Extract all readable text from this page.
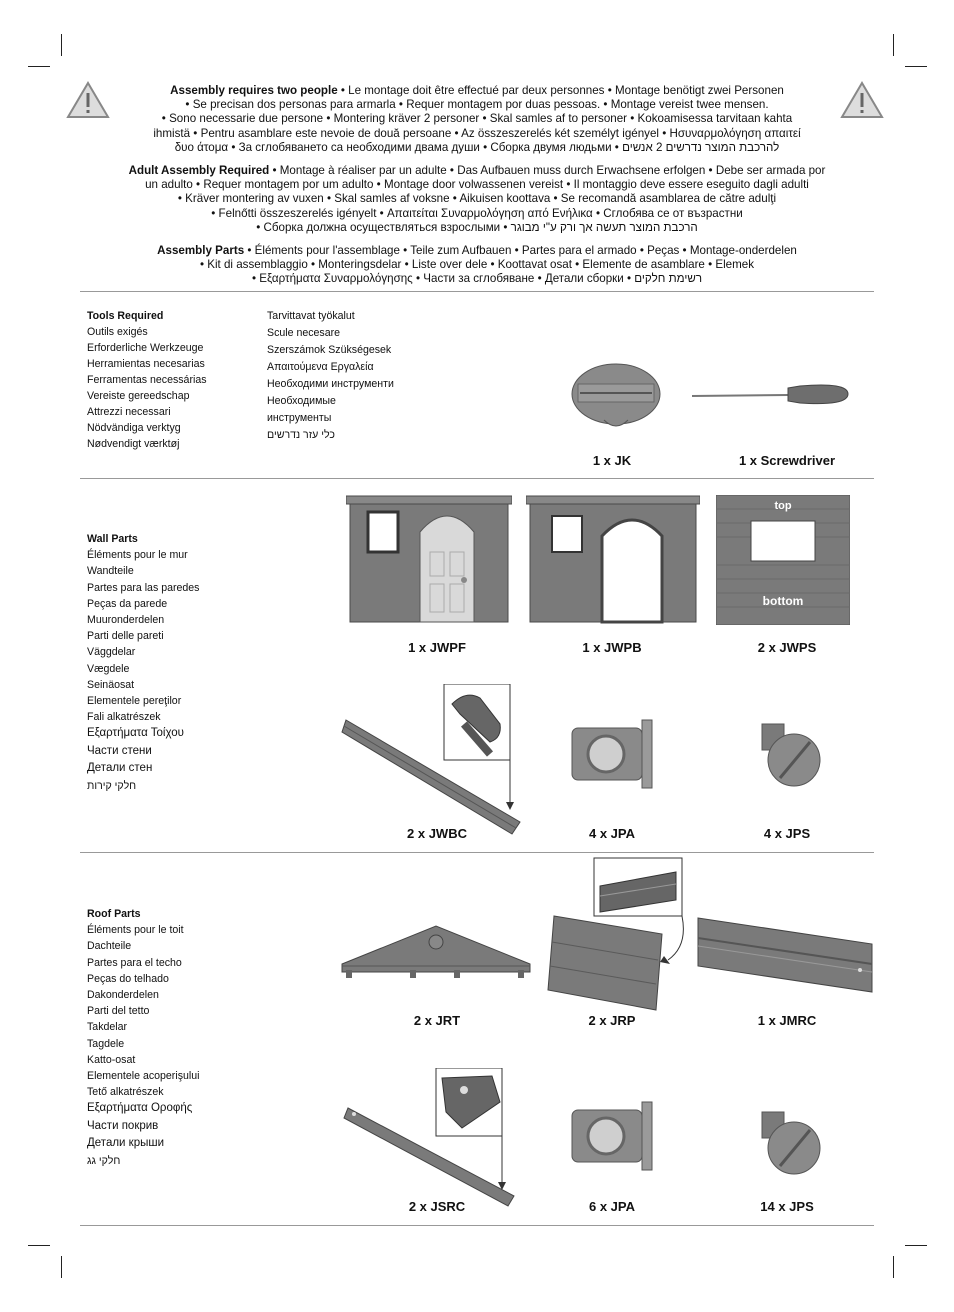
Assembly requires two people • Le montage doit être effectué par deux personnes • Montage benötigt zwei Personen
• Se precisan dos personas para armarla • Requer montagem por duas pessoas. • Montage vereist twee mensen.
• Sono necessarie due persone • Montering kräver 2 personer • Skal samles af to personer • Kokoamisessa tarvitaan kahta
ihmistä • Pentru asamblare este nevoie de două persoane • Az összeszerelés két személyt igényel • Ησυναρμολόγηση απαιτεί
δυο άτομα • За сглобяването са необходими двама души • Сборка двумя людьми • להרכבת המוצר נדרשים 2 אנשים
Adult Assembly Required • Montage à réaliser par un adulte • Das Aufbauen muss durch Erwachsene erfolgen • Debe ser armada por
un adulto • Requer montagem por um adulto • Montage door volwassenen vereist • Il montaggio deve essere eseguito dagli adulti
• Kräver montering av vuxen • Skal samles af voksne • Aikuisen koottava • Se recomandă asamblarea de către adulţi
• Felnőtti összeszerelés igényelt • Απαιτείται Συναρμολόγηση από Ενήλικα • Сглобява се от възрастни
• Сборка должна осуществляться взрослыми • הרכבת המוצר תעשה אך ורק ע"י מבוגר
Assembly Parts • Éléments pour l'assemblage • Teile zum Aufbauen • Partes para el armado • Peças • Montage-onderdelen
• Kit di assemblaggio • Monteringsdelar • Liste over dele • Koottavat osat • Elemente de asamblare • Elemek
• Εξαρτήματα Συναρμολόγησης • Части за сглобяване • Детали сборки • רשימת חלקים
Tools Required
Outils exigés
Erforderliche Werkzeuge
Herramientas necesarias
Ferramentas necessárias
Vereiste gereedschap
Attrezzi necessari
Nödvändiga verktyg
Nødvendigt værktøj
Tarvittavat työkalut
Scule necesare
Szerszámok Szükségesek
Απαιτούμενα Εργαλεία
Необходими инструменти
Необходимые
инструменты
כלי עזר נדרשים
1 x JK	1 x Screwdriver
Wall Parts
Éléments pour le mur
Wandteile
Partes para las paredes
Peças da parede
Muuronderdelen
Parti delle pareti
Väggdelar
Vægdele
Seinäosat
Elementele pereţilor
Fali alkatrészek
Εξαρτήματα Τοίχου
Части стени
Детали стен
חלקי קירות
top
bottom
1 x JWPF	1 x JWPB	2 x JWPS
2 x JWBC	4 x JPA	4 x JPS
Roof Parts
Éléments pour le toit
Dachteile
Partes para el techo
Peças do telhado
Dakonderdelen
Parti del tetto
Takdelar
Tagdele
Katto-osat
Elementele acoperişului
Tető alkatrészek
Εξαρτήματα Οροφής
Части покрив
Детали крыши
חלקי גג
2 x JRT	2 x JRP	1 x JMRC
2 x JSRC	6 x JPA	14 x JPS
